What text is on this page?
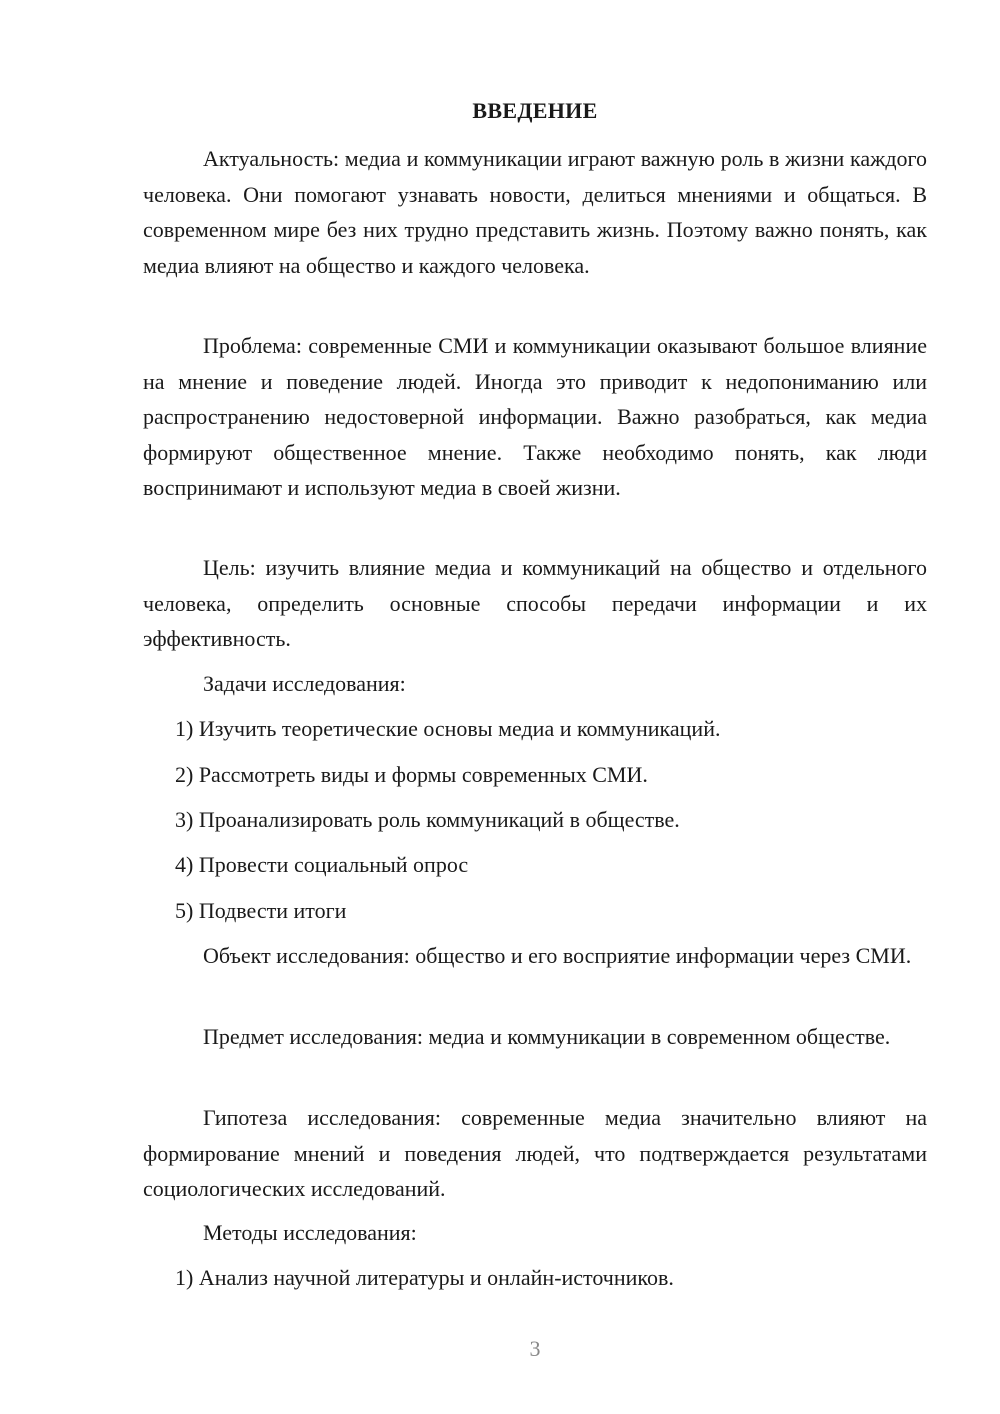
ВВЕДЕНИЕ

Актуальность: медиа и коммуникации играют важную роль в жизни каждого человека. Они помогают узнавать новости, делиться мнениями и общаться. В современном мире без них трудно представить жизнь. Поэтому важно понять, как медиа влияют на общество и каждого человека.

Проблема: современные СМИ и коммуникации оказывают большое влияние на мнение и поведение людей. Иногда это приводит к недопониманию или распространению недостоверной информации. Важно разобраться, как медиа формируют общественное мнение. Также необходимо понять, как люди воспринимают и используют медиа в своей жизни.

Цель: изучить влияние медиа и коммуникаций на общество и отдельного человека, определить основные способы передачи информации и их эффективность.

Задачи исследования:

1) Изучить теоретические основы медиа и коммуникаций.

2) Рассмотреть виды и формы современных СМИ.

3) Проанализировать роль коммуникаций в обществе.

4) Провести социальный опрос

5) Подвести итоги

Объект исследования: общество и его восприятие информации через СМИ.

Предмет исследования: медиа и коммуникации в современном обществе.

Гипотеза исследования: современные медиа значительно влияют на формирование мнений и поведения людей, что подтверждается результатами социологических исследований.

Методы исследования:

1) Анализ научной литературы и онлайн-источников.

3
